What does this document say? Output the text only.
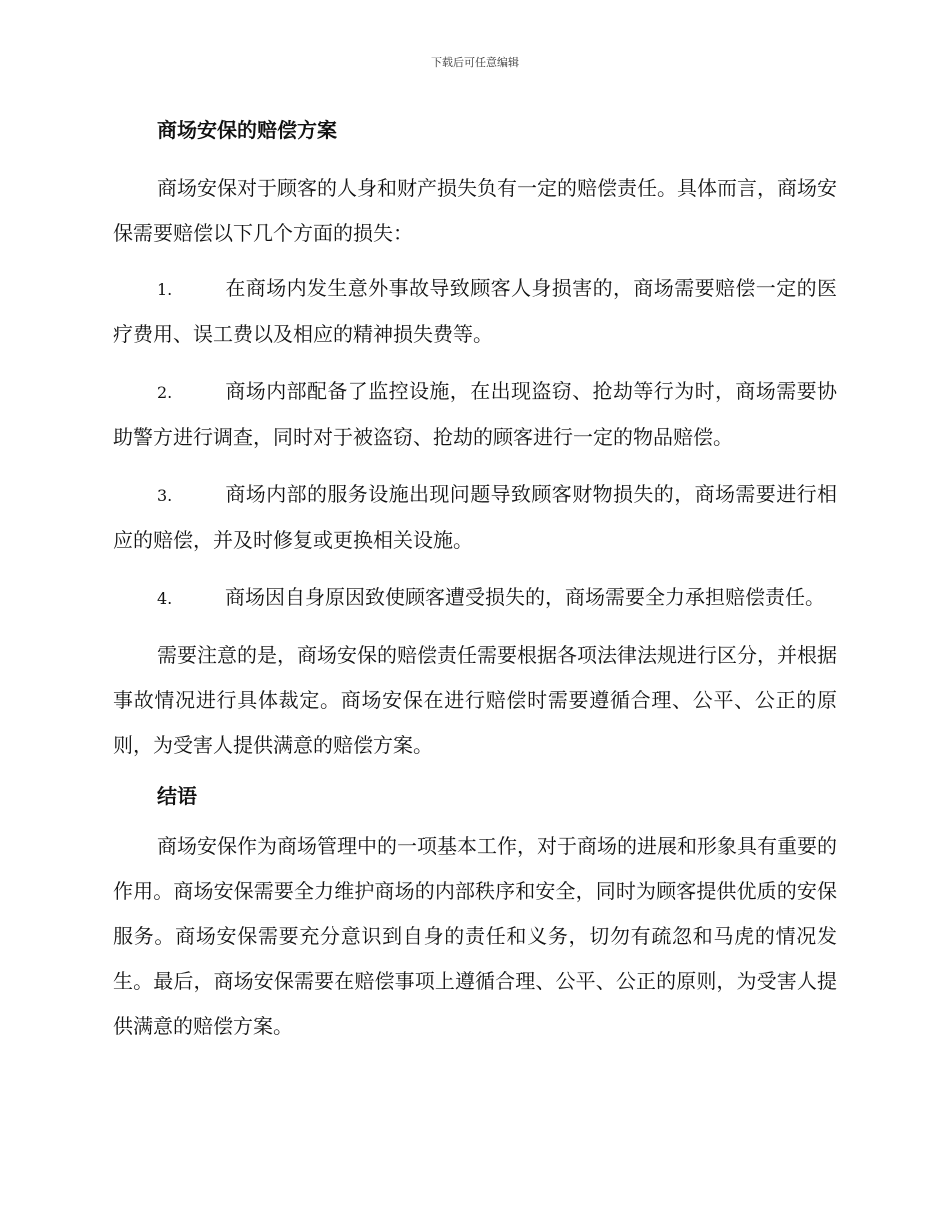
下载后可任意编辑
商场安保的赔偿方案

商场安保对于顾客的人身和财产损失负有一定的赔偿责任。具体而言，商场安保需要赔偿以下几个方面的损失：

1.	在商场内发生意外事故导致顾客人身损害的，商场需要赔偿一定的医疗费用、误工费以及相应的精神损失费等。
2.	商场内部配备了监控设施，在出现盗窃、抢劫等行为时，商场需要协助警方进行调查，同时对于被盗窃、抢劫的顾客进行一定的物品赔偿。
3.	商场内部的服务设施出现问题导致顾客财物损失的，商场需要进行相应的赔偿，并及时修复或更换相关设施。
4.	商场因自身原因致使顾客遭受损失的，商场需要全力承担赔偿责任。

需要注意的是，商场安保的赔偿责任需要根据各项法律法规进行区分，并根据事故情况进行具体裁定。商场安保在进行赔偿时需要遵循合理、公平、公正的原则，为受害人提供满意的赔偿方案。

结语

商场安保作为商场管理中的一项基本工作，对于商场的进展和形象具有重要的作用。商场安保需要全力维护商场的内部秩序和安全，同时为顾客提供优质的安保服务。商场安保需要充分意识到自身的责任和义务，切勿有疏忽和马虎的情况发生。最后，商场安保需要在赔偿事项上遵循合理、公平、公正的原则，为受害人提供满意的赔偿方案。
